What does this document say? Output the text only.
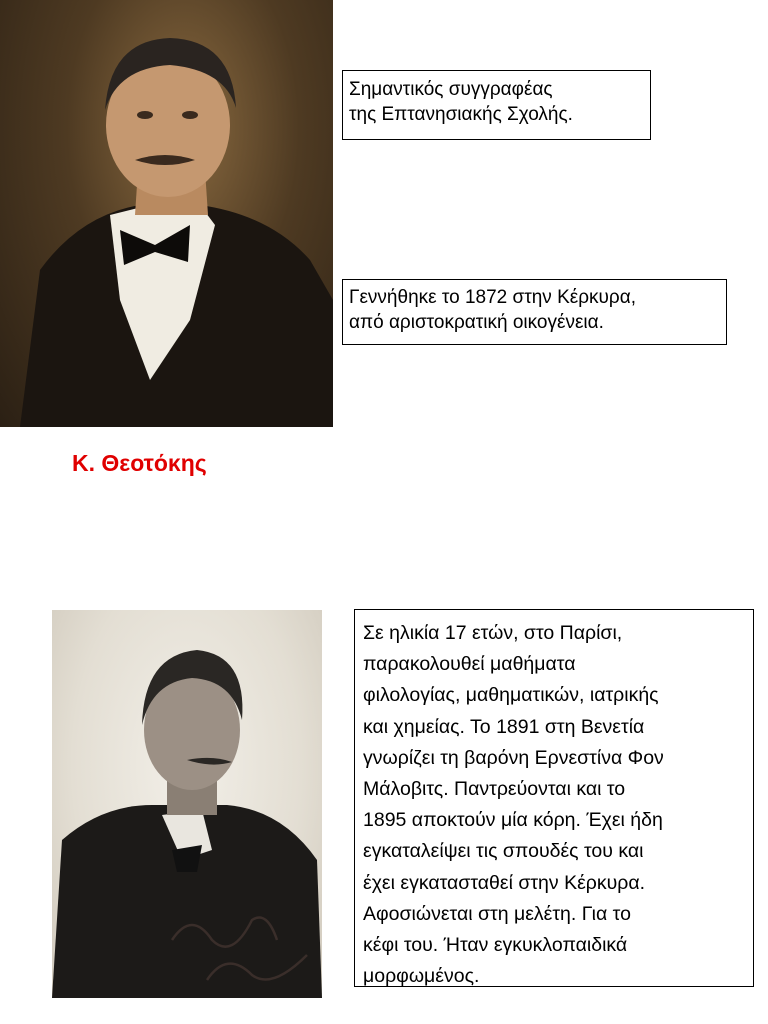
Σημαντικός συγγραφέας
της Επτανησιακής Σχολής.
Γεννήθηκε το 1872 στην Κέρκυρα,
από αριστοκρατική οικογένεια.
Κ. Θεοτόκης
Σε ηλικία 17 ετών, στο Παρίσι,
παρακολουθεί μαθήματα
φιλολογίας, μαθηματικών, ιατρικής
και χημείας. Το 1891 στη Βενετία
γνωρίζει τη βαρόνη Ερνεστίνα Φον
Μάλοβιτς. Παντρεύονται και το
1895 αποκτούν μία κόρη. Έχει ήδη
εγκαταλείψει τις σπουδές του και
έχει εγκατασταθεί στην Κέρκυρα.
Αφοσιώνεται στη μελέτη. Για το
κέφι του. Ήταν εγκυκλοπαιδικά
μορφωμένος.
